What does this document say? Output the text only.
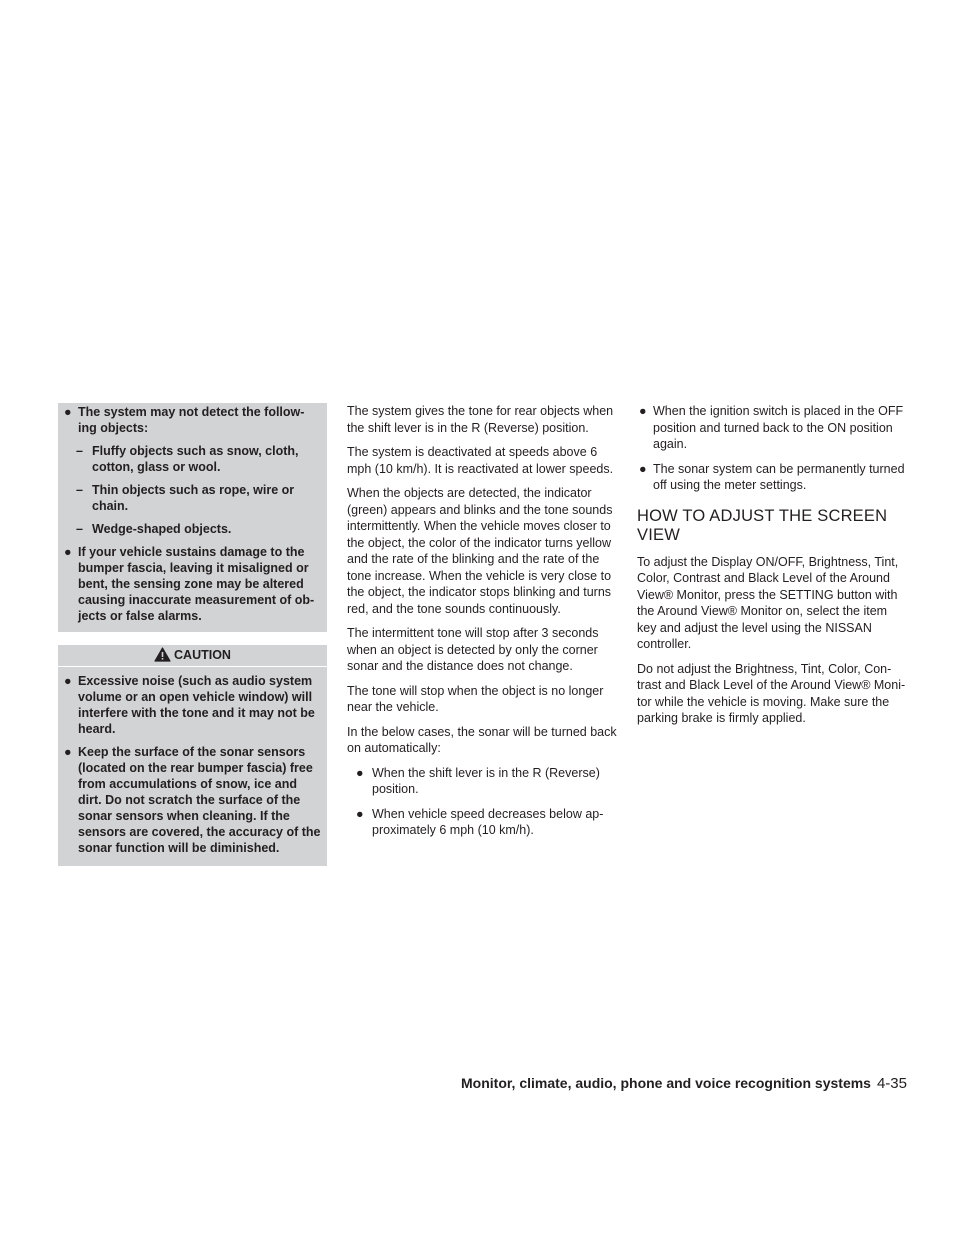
● The system may not detect the follow-ing objects:
– Fluffy objects such as snow, cloth, cotton, glass or wool.
– Thin objects such as rope, wire or chain.
– Wedge-shaped objects.
● If your vehicle sustains damage to the bumper fascia, leaving it misaligned or bent, the sensing zone may be altered causing inaccurate measurement of ob-jects or false alarms.
CAUTION
● Excessive noise (such as audio system volume or an open vehicle window) will interfere with the tone and it may not be heard.
● Keep the surface of the sonar sensors (located on the rear bumper fascia) free from accumulations of snow, ice and dirt. Do not scratch the surface of the sonar sensors when cleaning. If the sensors are covered, the accuracy of the sonar function will be diminished.

The system gives the tone for rear objects when the shift lever is in the R (Reverse) position.

The system is deactivated at speeds above 6 mph (10 km/h). It is reactivated at lower speeds.

When the objects are detected, the indicator (green) appears and blinks and the tone sounds intermittently. When the vehicle moves closer to the object, the color of the indicator turns yellow and the rate of the blinking and the rate of the tone increase. When the vehicle is very close to the object, the indicator stops blinking and turns red, and the tone sounds continuously.

The intermittent tone will stop after 3 seconds when an object is detected by only the corner sonar and the distance does not change.

The tone will stop when the object is no longer near the vehicle.

In the below cases, the sonar will be turned back on automatically:

● When the shift lever is in the R (Reverse) position.
● When vehicle speed decreases below ap-proximately 6 mph (10 km/h).
● When the ignition switch is placed in the OFF position and turned back to the ON position again.
● The sonar system can be permanently turned off using the meter settings.
HOW TO ADJUST THE SCREEN
VIEW

To adjust the Display ON/OFF, Brightness, Tint, Color, Contrast and Black Level of the Around View® Monitor, press the SETTING button with the Around View® Monitor on, select the item key and adjust the level using the NISSAN controller.

Do not adjust the Brightness, Tint, Color, Con-trast and Black Level of the Around View® Moni-tor while the vehicle is moving. Make sure the parking brake is firmly applied.

Monitor, climate, audio, phone and voice recognition systems 4-35
